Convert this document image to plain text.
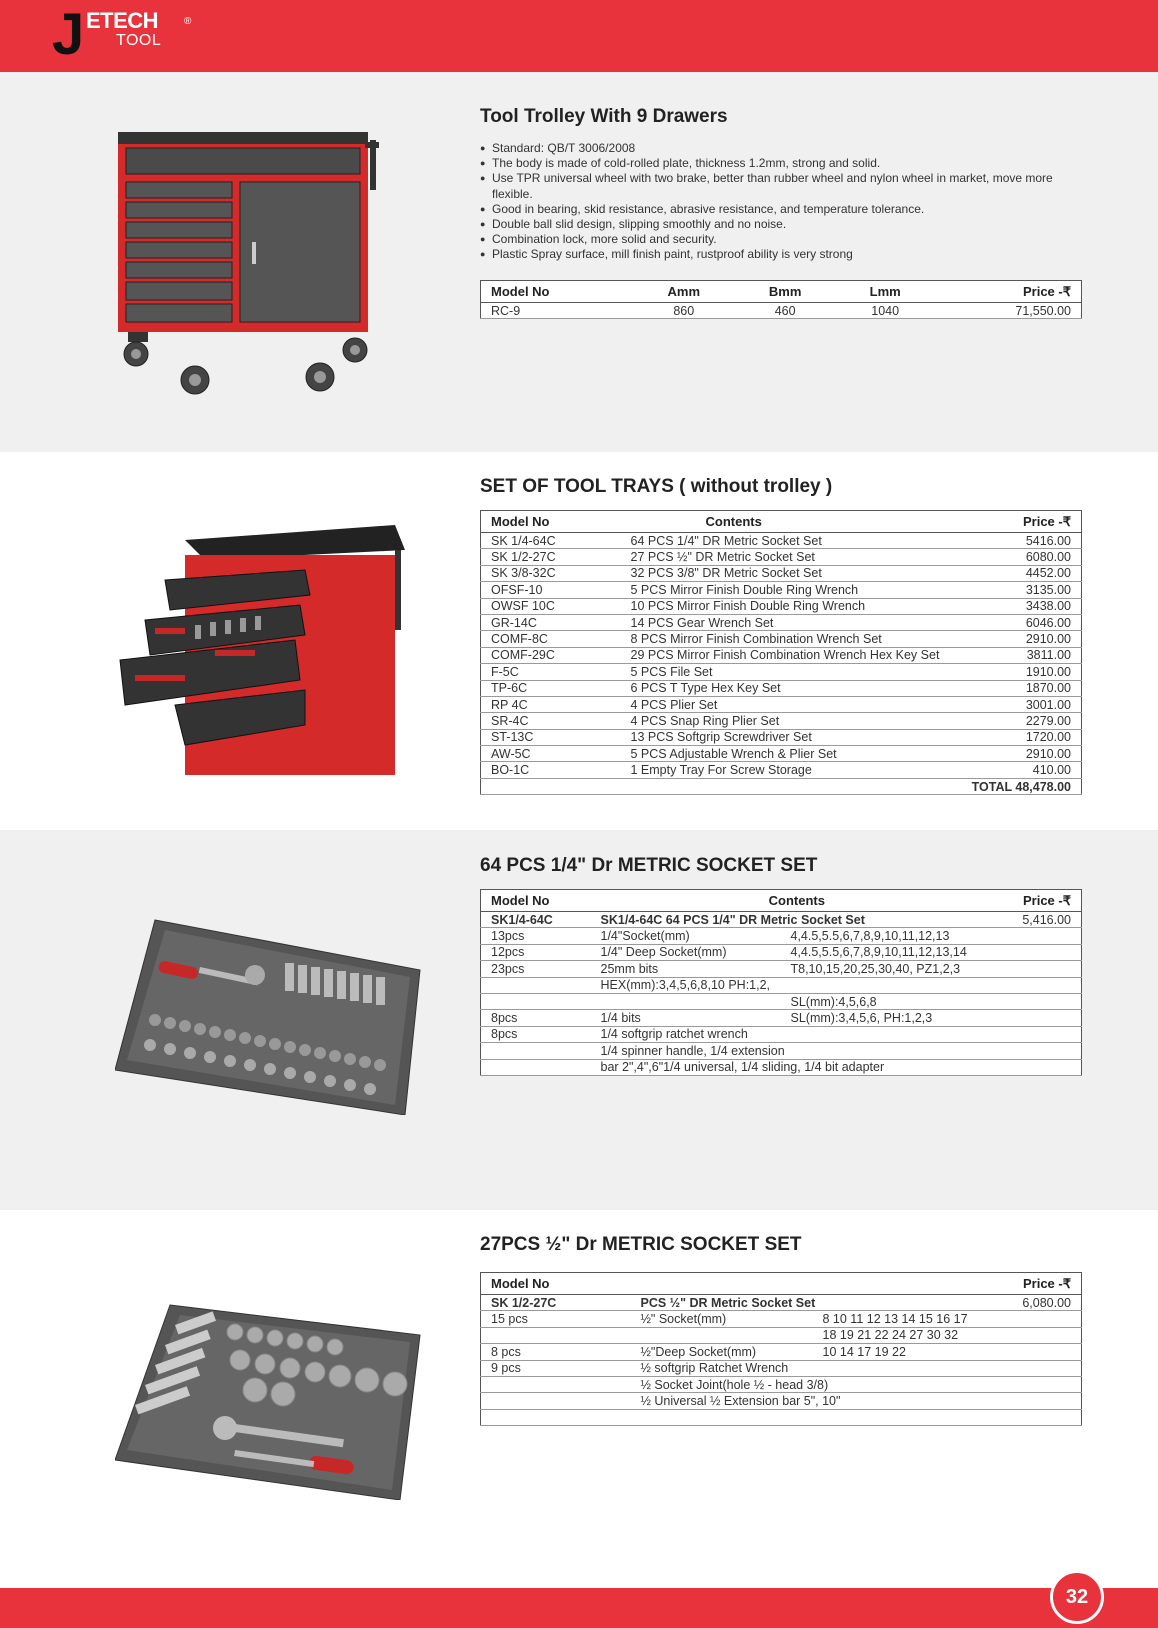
J ETECH	®
TOOL
Tool Trolley With 9 Drawers
● Standard: QB/T 3006/2008
● The body is made of cold-rolled plate, thickness 1.2mm, strong and solid.
● Use TPR universal wheel with two brake, better than rubber wheel and nylon wheel in market, move more flexible.
● Good in bearing, skid resistance, abrasive resistance, and temperature tolerance.
● Double ball slid design, slipping smoothly and no noise.
● Combination lock, more solid and security.
● Plastic Spray surface, mill finish paint, rustproof ability is very strong
Model No	Amm	Bmm	Lmm	Price -₹
RC-9	860	460	1040	71,550.00
SET OF TOOL TRAYS ( without trolley )
Model No	Contents	Price -₹
SK 1/4-64C	64 PCS 1/4" DR Metric Socket Set	5416.00
SK 1/2-27C	27 PCS ½" DR Metric Socket Set	6080.00
SK 3/8-32C	32 PCS 3/8" DR Metric Socket Set	4452.00
OFSF-10	5 PCS Mirror Finish Double Ring Wrench	3135.00
OWSF 10C	10 PCS Mirror Finish Double Ring Wrench	3438.00
GR-14C	14 PCS Gear Wrench Set	6046.00
COMF-8C	8 PCS Mirror Finish Combination Wrench Set	2910.00
COMF-29C	29 PCS Mirror Finish Combination Wrench Hex Key Set	3811.00
F-5C	5 PCS File Set	1910.00
TP-6C	6 PCS T Type Hex Key Set	1870.00
RP 4C	4 PCS Plier Set	3001.00
SR-4C	4 PCS Snap Ring Plier Set	2279.00
ST-13C	13 PCS Softgrip Screwdriver Set	1720.00
AW-5C	5 PCS Adjustable Wrench & Plier Set	2910.00
BO-1C	1 Empty Tray For Screw Storage	410.00
		TOTAL 48,478.00
64 PCS 1/4" Dr METRIC SOCKET SET
Model No	Contents		Price -₹
SK1/4-64C	SK1/4-64C 64 PCS 1/4" DR Metric Socket Set		5,416.00
13pcs	1/4"Socket(mm)	4,4.5,5.5,6,7,8,9,10,11,12,13	
12pcs	1/4" Deep Socket(mm)	4,4.5,5.5,6,7,8,9,10,11,12,13,14	
23pcs	25mm bits	T8,10,15,20,25,30,40, PZ1,2,3	
	HEX(mm):3,4,5,6,8,10 PH:1,2,		
		SL(mm):4,5,6,8	
8pcs	1/4 bits	SL(mm):3,4,5,6, PH:1,2,3	
8pcs	1/4 softgrip ratchet wrench		
	1/4 spinner handle, 1/4 extension		
	bar 2",4",6"1/4 universal, 1/4 sliding, 1/4 bit adapter		
27PCS ½" Dr METRIC SOCKET SET
Model No			Price -₹
SK 1/2-27C	PCS ½" DR Metric Socket Set		6,080.00
15 pcs	½" Socket(mm)	8 10 11 12 13 14 15 16 17	
		18 19 21 22 24 27 30 32	
8 pcs	½"Deep Socket(mm)	10 14 17 19 22	
9 pcs	½ softgrip Ratchet Wrench		
	½ Socket Joint(hole ½ - head 3/8)		
	½ Universal ½ Extension bar 5", 10"		

32
